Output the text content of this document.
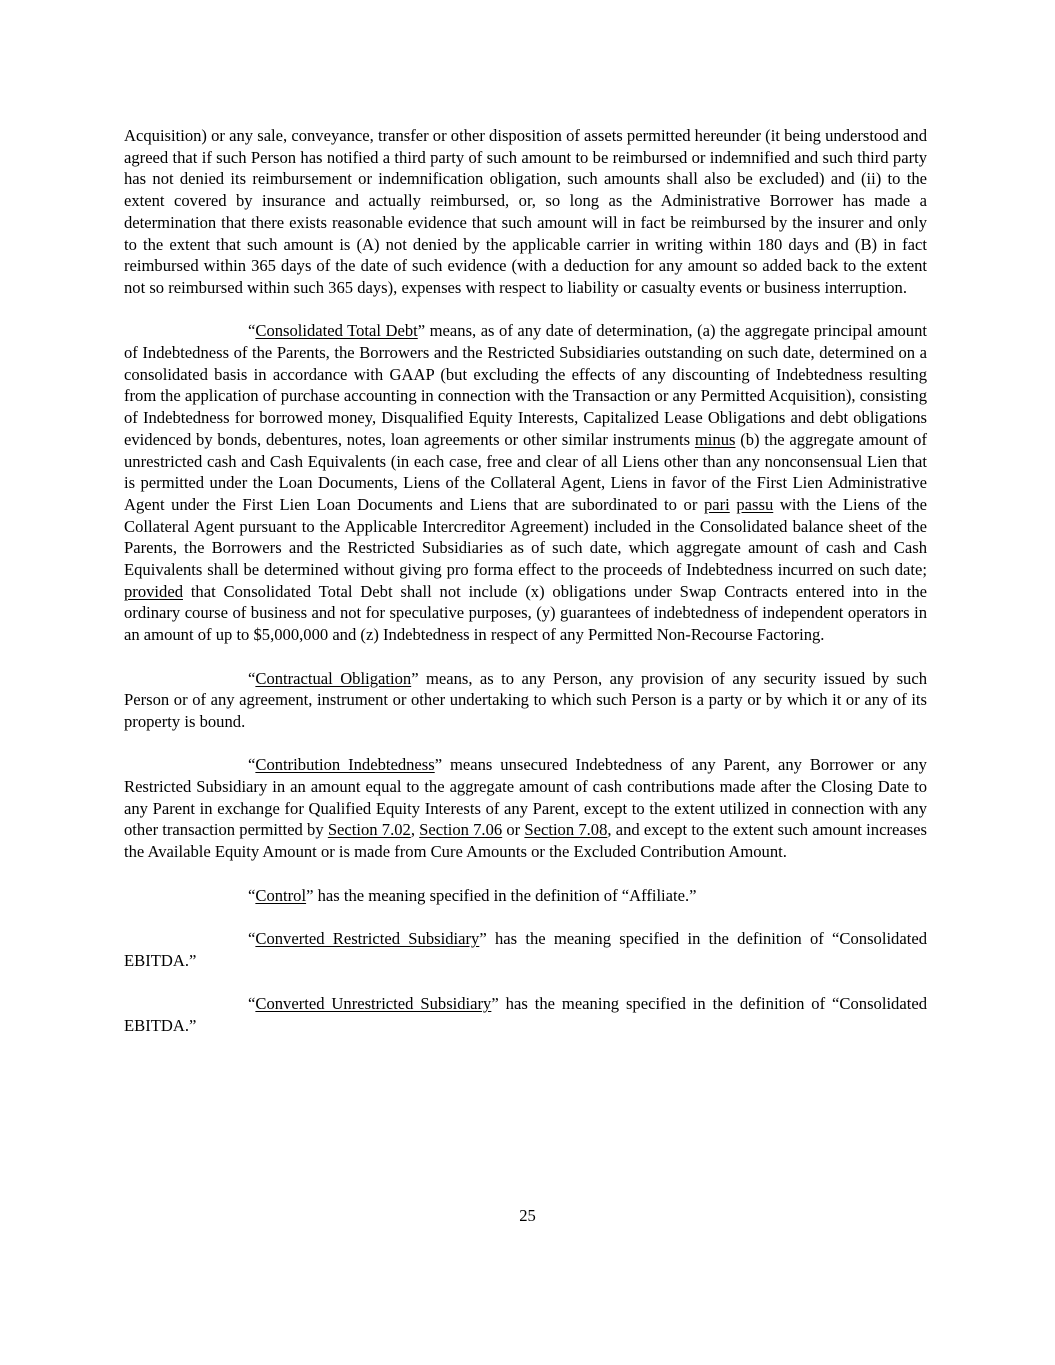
Acquisition) or any sale, conveyance, transfer or other disposition of assets permitted hereunder (it being understood and agreed that if such Person has notified a third party of such amount to be reimbursed or indemnified and such third party has not denied its reimbursement or indemnification obligation, such amounts shall also be excluded) and (ii) to the extent covered by insurance and actually reimbursed, or, so long as the Administrative Borrower has made a determination that there exists reasonable evidence that such amount will in fact be reimbursed by the insurer and only to the extent that such amount is (A) not denied by the applicable carrier in writing within 180 days and (B) in fact reimbursed within 365 days of the date of such evidence (with a deduction for any amount so added back to the extent not so reimbursed within such 365 days), expenses with respect to liability or casualty events or business interruption.

“Consolidated Total Debt” means, as of any date of determination, (a) the aggregate principal amount of Indebtedness of the Parents, the Borrowers and the Restricted Subsidiaries outstanding on such date, determined on a consolidated basis in accordance with GAAP (but excluding the effects of any discounting of Indebtedness resulting from the application of purchase accounting in connection with the Transaction or any Permitted Acquisition), consisting of Indebtedness for borrowed money, Disqualified Equity Interests, Capitalized Lease Obligations and debt obligations evidenced by bonds, debentures, notes, loan agreements or other similar instruments minus (b) the aggregate amount of unrestricted cash and Cash Equivalents (in each case, free and clear of all Liens other than any nonconsensual Lien that is permitted under the Loan Documents, Liens of the Collateral Agent, Liens in favor of the First Lien Administrative Agent under the First Lien Loan Documents and Liens that are subordinated to or pari passu with the Liens of the Collateral Agent pursuant to the Applicable Intercreditor Agreement) included in the Consolidated balance sheet of the Parents, the Borrowers and the Restricted Subsidiaries as of such date, which aggregate amount of cash and Cash Equivalents shall be determined without giving pro forma effect to the proceeds of Indebtedness incurred on such date; provided that Consolidated Total Debt shall not include (x) obligations under Swap Contracts entered into in the ordinary course of business and not for speculative purposes, (y) guarantees of indebtedness of independent operators in an amount of up to $5,000,000 and (z) Indebtedness in respect of any Permitted Non-Recourse Factoring.

“Contractual Obligation” means, as to any Person, any provision of any security issued by such Person or of any agreement, instrument or other undertaking to which such Person is a party or by which it or any of its property is bound.

“Contribution Indebtedness” means unsecured Indebtedness of any Parent, any Borrower or any Restricted Subsidiary in an amount equal to the aggregate amount of cash contributions made after the Closing Date to any Parent in exchange for Qualified Equity Interests of any Parent, except to the extent utilized in connection with any other transaction permitted by Section 7.02, Section 7.06 or Section 7.08, and except to the extent such amount increases the Available Equity Amount or is made from Cure Amounts or the Excluded Contribution Amount.

“Control” has the meaning specified in the definition of “Affiliate.”

“Converted Restricted Subsidiary” has the meaning specified in the definition of “Consolidated EBITDA.”

“Converted Unrestricted Subsidiary” has the meaning specified in the definition of “Consolidated EBITDA.”

25
